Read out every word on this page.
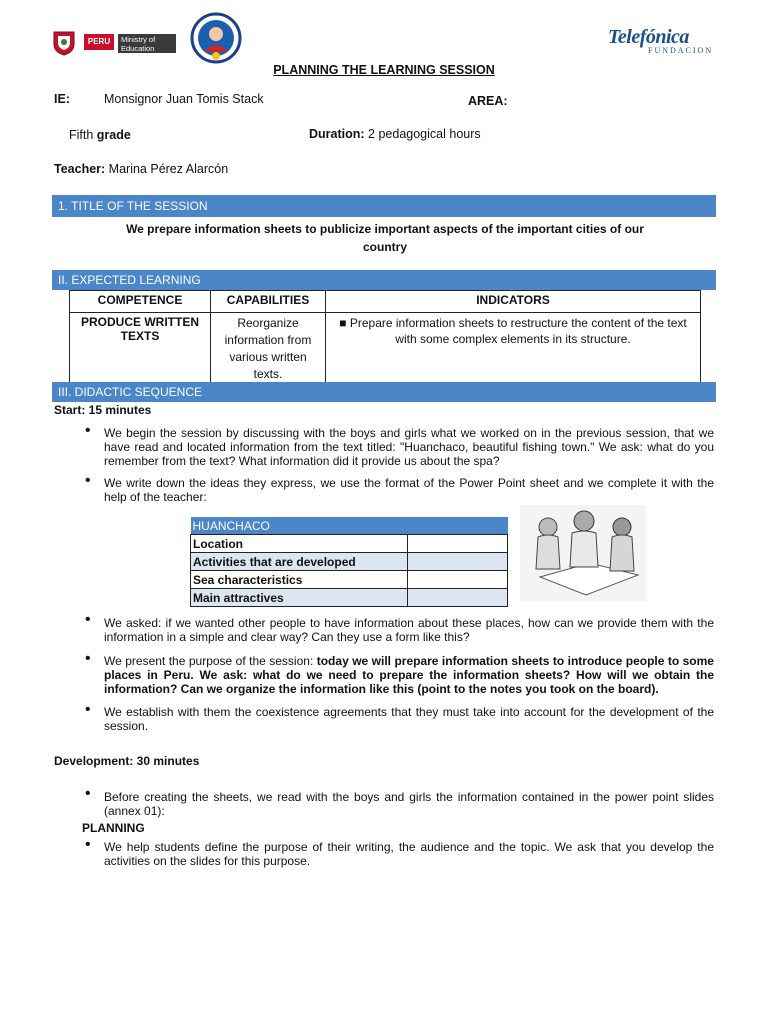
PERU	Ministry of Education
Telefónica
FUNDACION
PLANNING THE LEARNING SESSION
IE:	Monsignor Juan Tomis Stack	AREA:
Fifth grade	Duration: 2 pedagogical hours
Teacher: Marina Pérez Alarcón
1. TITLE OF THE SESSION
We prepare information sheets to publicize important aspects of the important cities of our country
II. EXPECTED LEARNING
COMPETENCE	CAPABILITIES	INDICATORS
PRODUCE WRITTEN TEXTS	Reorganize information from various written texts.	■ Prepare information sheets to restructure the content of the text with some complex elements in its structure.
III. DIDACTIC SEQUENCE
Start: 15 minutes
•	We begin the session by discussing with the boys and girls what we worked on in the previous session, that we have read and located information from the text titled: "Huanchaco, beautiful fishing town." We ask: what do you remember from the text? What information did it provide us about the spa?
•	We write down the ideas they express, we use the format of the Power Point sheet and we complete it with the help of the teacher:
HUANCHACO	
Location	
Activities that are developed	
Sea characteristics	
Main attractives	
•	We asked: if we wanted other people to have information about these places, how can we provide them with the information in a simple and clear way? Can they use a form like this?
•	We present the purpose of the session: today we will prepare information sheets to introduce people to some places in Peru. We ask: what do we need to prepare the information sheets? How will we obtain the information? Can we organize the information like this (point to the notes you took on the board).
•	We establish with them the coexistence agreements that they must take into account for the development of the session.
Development: 30 minutes
•	Before creating the sheets, we read with the boys and girls the information contained in the power point slides (annex 01):
PLANNING
•	We help students define the purpose of their writing, the audience and the topic. We ask that you develop the activities on the slides for this purpose.
